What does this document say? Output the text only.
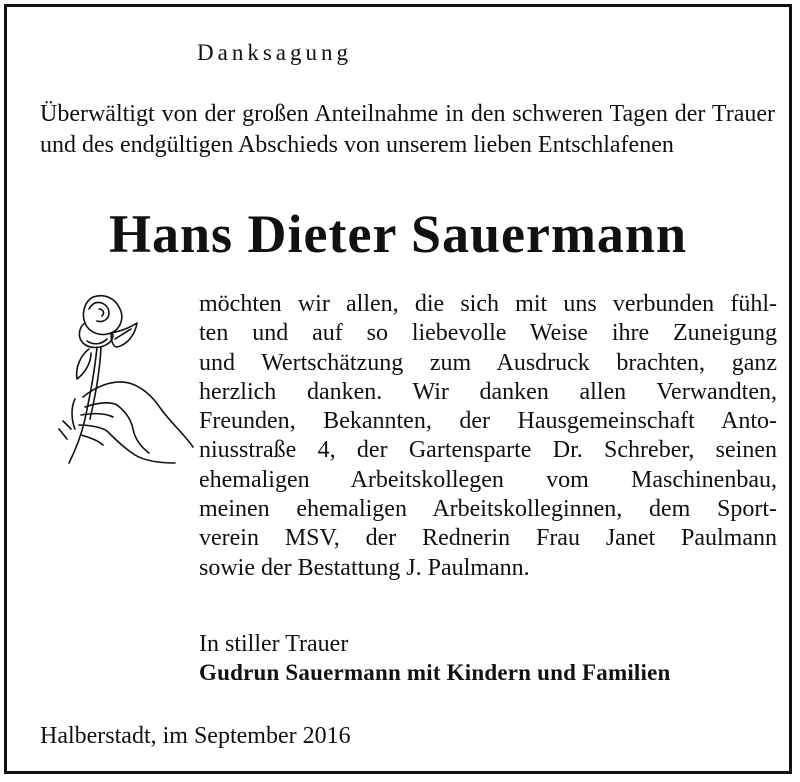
Danksagung
Überwältigt von der großen Anteilnahme in den schweren Tagen der Trauer und des endgültigen Abschieds von unserem lieben Entschlafenen
Hans Dieter Sauermann
möchten wir allen, die sich mit uns verbunden fühl-
ten und auf so liebevolle Weise ihre Zuneigung
und Wertschätzung zum Ausdruck brachten, ganz
herzlich danken. Wir danken allen Verwandten,
Freunden, Bekannten, der Hausgemeinschaft Anto-
niusstraße 4, der Gartensparte Dr. Schreber, seinen
ehemaligen Arbeitskollegen vom Maschinenbau,
meinen ehemaligen Arbeitskolleginnen, dem Sport-
verein MSV, der Rednerin Frau Janet Paulmann
sowie der Bestattung J. Paulmann.
In stiller Trauer
Gudrun Sauermann mit Kindern und Familien
Halberstadt, im September 2016
